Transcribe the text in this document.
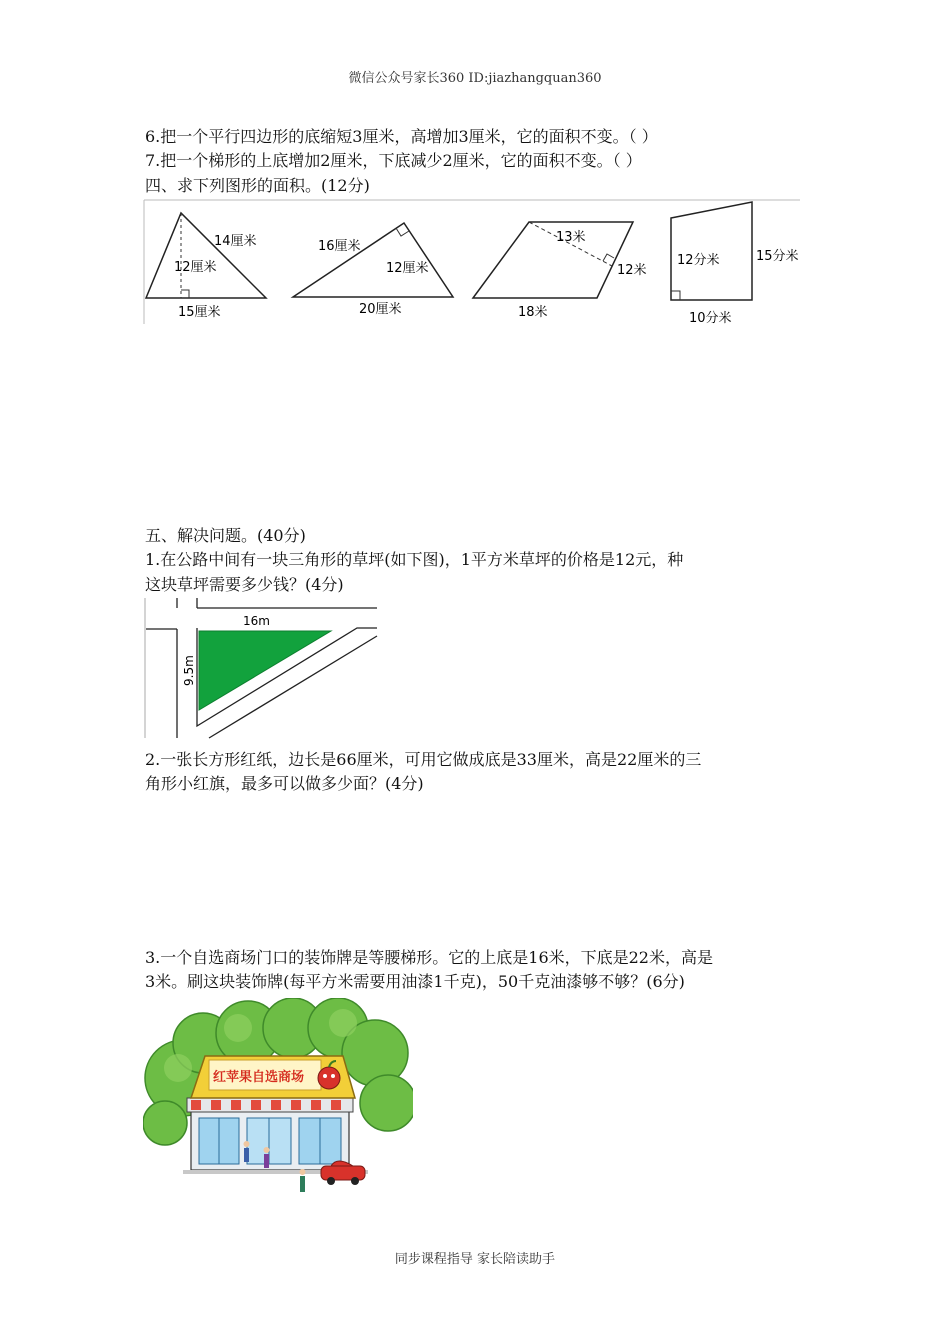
微信公众号家长360 ID:jiazhangquan360
6.把一个平行四边形的底缩短3厘米，高增加3厘米，它的面积不变。（ ）
7.把一个梯形的上底增加2厘米，下底减少2厘米，它的面积不变。（ ）
四、求下列图形的面积。(12分)
14厘米
12厘米
15厘米
16厘米
12厘米
20厘米
13米
12米
18米
12分米	15分米
10分米
五、解决问题。(40分)
1.在公路中间有一块三角形的草坪(如下图)，1平方米草坪的价格是12元，种
这块草坪需要多少钱？(4分)
16m
9.5m
2.一张长方形红纸，边长是66厘米，可用它做成底是33厘米，高是22厘米的三
角形小红旗，最多可以做多少面？(4分)
3.一个自选商场门口的装饰牌是等腰梯形。它的上底是16米，下底是22米，高是
3米。刷这块装饰牌(每平方米需要用油漆1千克)，50千克油漆够不够？(6分)
红苹果自选商场
同步课程指导 家长陪读助手
